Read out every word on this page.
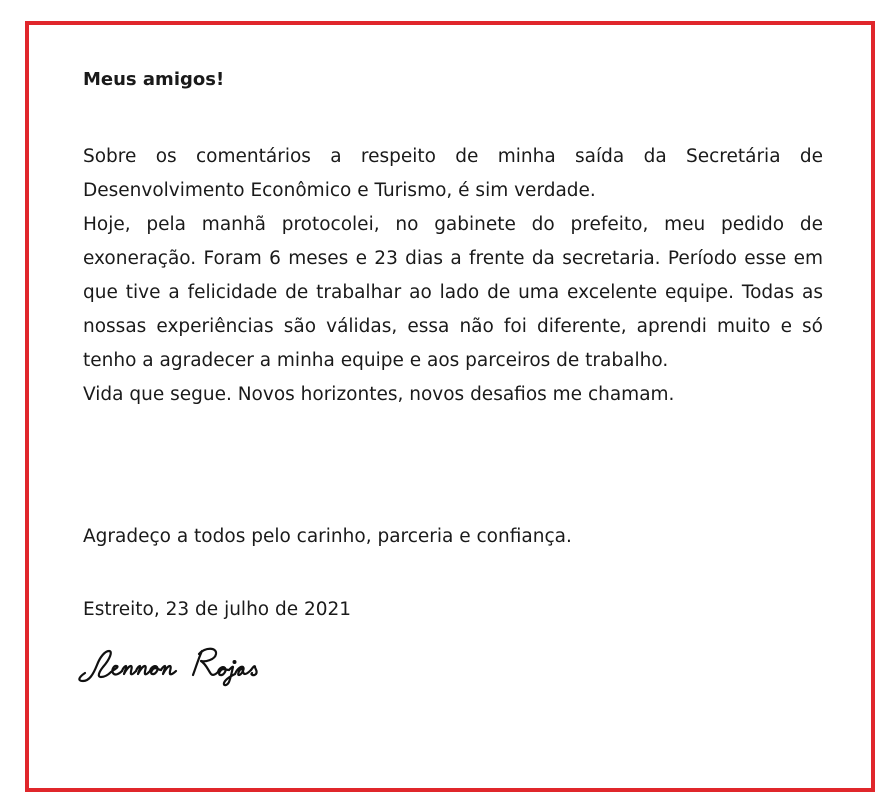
Meus amigos!

Sobre os comentários a respeito de minha saída da Secretária de Desenvolvimento Econômico e Turismo, é sim verdade.

Hoje, pela manhã protocolei, no gabinete do prefeito, meu pedido de exoneração. Foram 6 meses e 23 dias a frente da secretaria. Período esse em que tive a felicidade de trabalhar ao lado de uma excelente equipe. Todas as nossas experiências são válidas, essa não foi diferente, aprendi muito e só tenho a agradecer a minha equipe e aos parceiros de trabalho.

Vida que segue. Novos horizontes, novos desafios me chamam.

Agradeço a todos pelo carinho, parceria e confiança.

Estreito, 23 de julho de 2021
